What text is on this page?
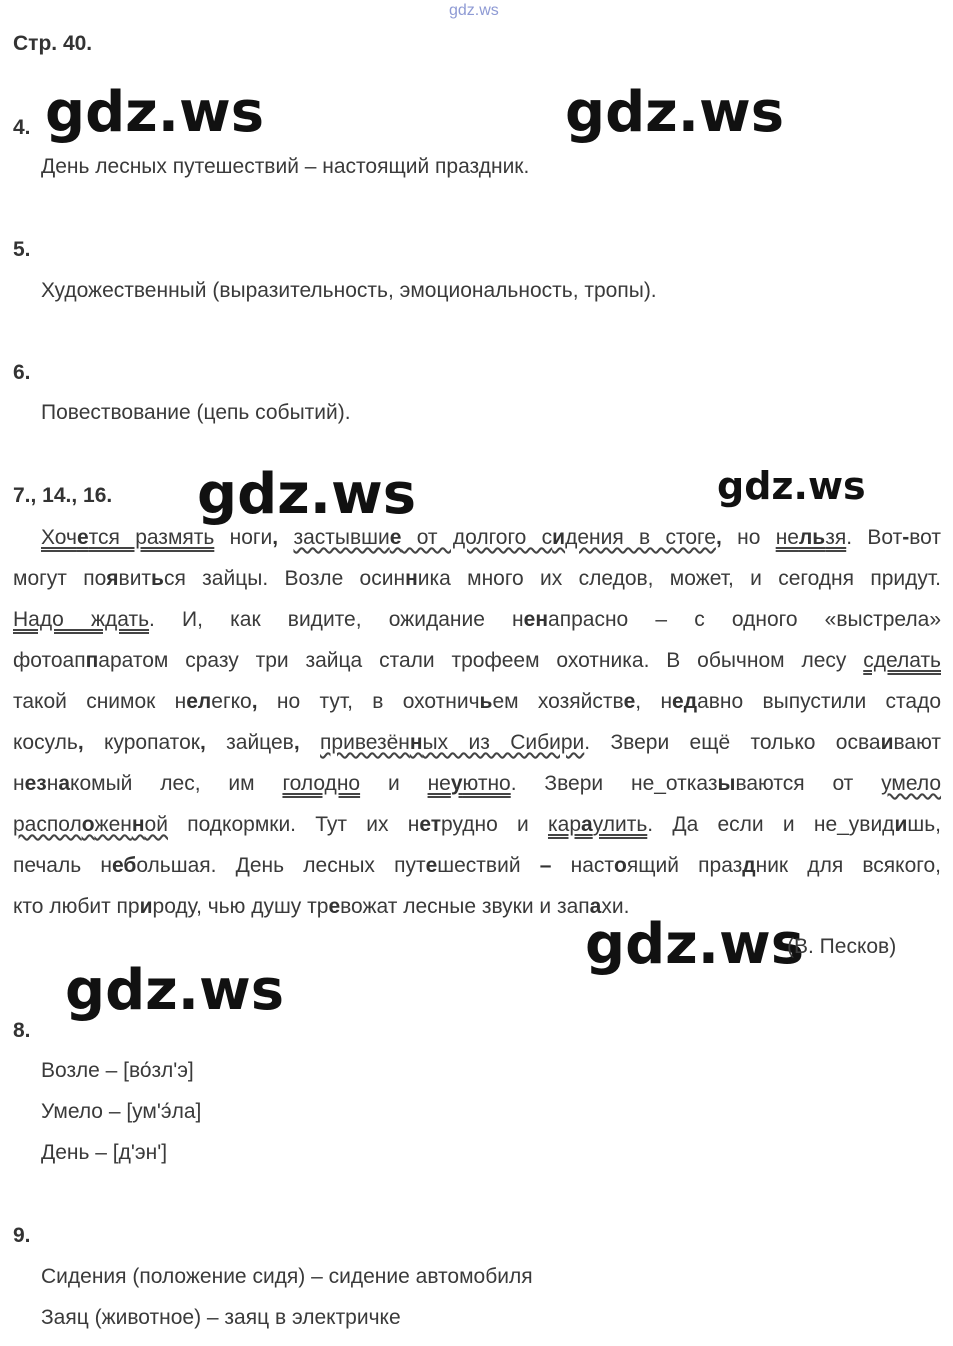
gdz.ws
Стр. 40.
gdz.ws	gdz.ws
gdz.ws	gdz.ws
gdz.ws
gdz.ws
4.
День лесных путешествий – настоящий праздник.
5.
Художественный (выразительность, эмоциональность, тропы).
6.
Повествование (цепь событий).
7., 14., 16.
Хочется размять ноги, застывшие от долгого сидения в стоге, но нельзя. Вот-вот
могут появиться зайцы. Возле осинника много их следов, может, и сегодня придут.
Надо ждать. И, как видите, ожидание ненапрасно – с одного «выстрела»
фотоаппаратом сразу три зайца стали трофеем охотника. В обычном лесу сделать
такой снимок нелегко, но тут, в охотничьем хозяйстве, недавно выпустили стадо
косуль, куропаток, зайцев, привезённых из Сибири. Звери ещё только осваивают
незнакомый лес, им голодно и неуютно. Звери не_отказываются от умело
расположенной подкормки. Тут их нетрудно и караулить. Да если и не_увидишь,
печаль небольшая. День лесных путешествий – настоящий праздник для всякого,
кто любит природу, чью душу тревожат лесные звуки и запахи.
(В. Песков)
8.
Возле – [во́зл'э]
Умело – [ум'э́ла]
День – [д'эн']
9.
Сидения (положение сидя) – сидение автомобиля
Заяц (животное) – заяц в электричке
